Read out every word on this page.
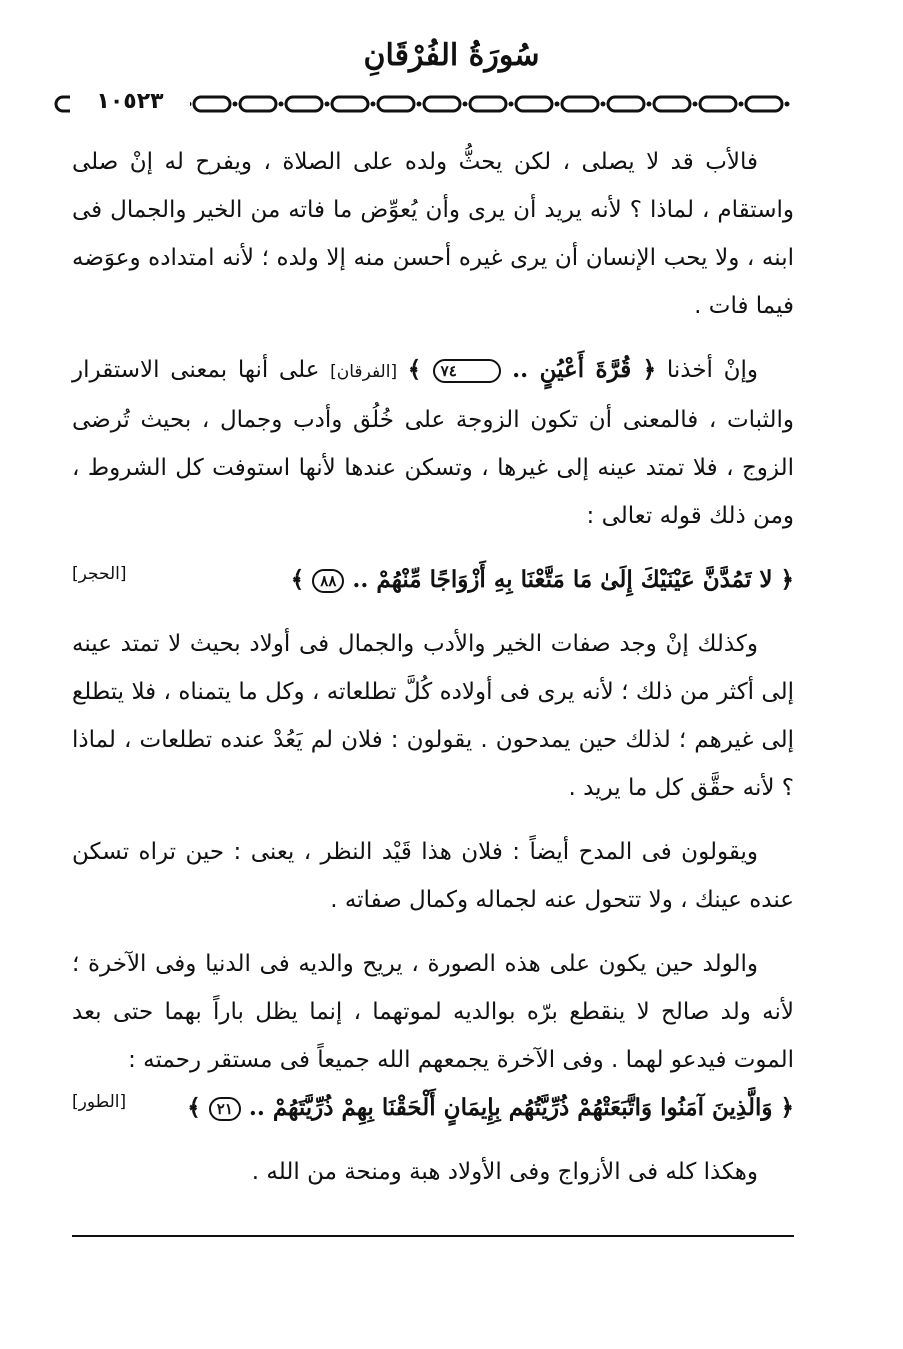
سُورَةُ الفُرْقَانِ
١٠٥٢٣

فالأب قد لا يصلى ، لكن يحثُّ ولده على الصلاة ، ويفرح له إنْ صلى واستقام ، لماذا ؟ لأنه يريد أن يرى وأن يُعوِّض ما فاته من الخير والجمال فى ابنه ، ولا يحب الإنسان أن يرى غيره أحسن منه إلا ولده ؛ لأنه امتداده وعوَضه فيما فات .

وإنْ أخذنا ﴿ قُرَّةَ أَعْيُنٍ .. ٧٤ ﴾ [الفرقان] على أنها بمعنى الاستقرار والثبات ، فالمعنى أن تكون الزوجة على خُلُق وأدب وجمال ، بحيث تُرضى الزوج ، فلا تمتد عينه إلى غيرها ، وتسكن عندها لأنها استوفت كل الشروط ، ومن ذلك قوله تعالى :

﴿ لا تَمُدَّنَّ عَيْنَيْكَ إِلَىٰ مَا مَتَّعْنَا بِهِ أَزْوَاجًا مِّنْهُمْ .. ٨٨ ﴾
[الحجر]

وكذلك إنْ وجد صفات الخير والأدب والجمال فى أولاد بحيث لا تمتد عينه إلى أكثر من ذلك ؛ لأنه يرى فى أولاده كُلَّ تطلعاته ، وكل ما يتمناه ، فلا يتطلع إلى غيرهم ؛ لذلك حين يمدحون . يقولون : فلان لم يَعُدْ عنده تطلعات ، لماذا ؟ لأنه حقَّق كل ما يريد .

ويقولون فى المدح أيضاً : فلان هذا قَيْد النظر ، يعنى : حين تراه تسكن عنده عينك ، ولا تتحول عنه لجماله وكمال صفاته .

والولد حين يكون على هذه الصورة ، يريح والديه فى الدنيا وفى الآخرة ؛ لأنه ولد صالح لا ينقطع برّه بوالديه لموتهما ، إنما يظل باراً بهما حتى بعد الموت فيدعو لهما . وفى الآخرة يجمعهم الله جميعاً فى مستقر رحمته :

﴿ وَالَّذِينَ آمَنُوا وَاتَّبَعَتْهُمْ ذُرِّيَّتُهُم بِإِيمَانٍ أَلْحَقْنَا بِهِمْ ذُرِّيَّتَهُمْ .. ٢١ ﴾
[الطور]

وهكذا كله فى الأزواج وفى الأولاد هبة ومنحة من الله .
